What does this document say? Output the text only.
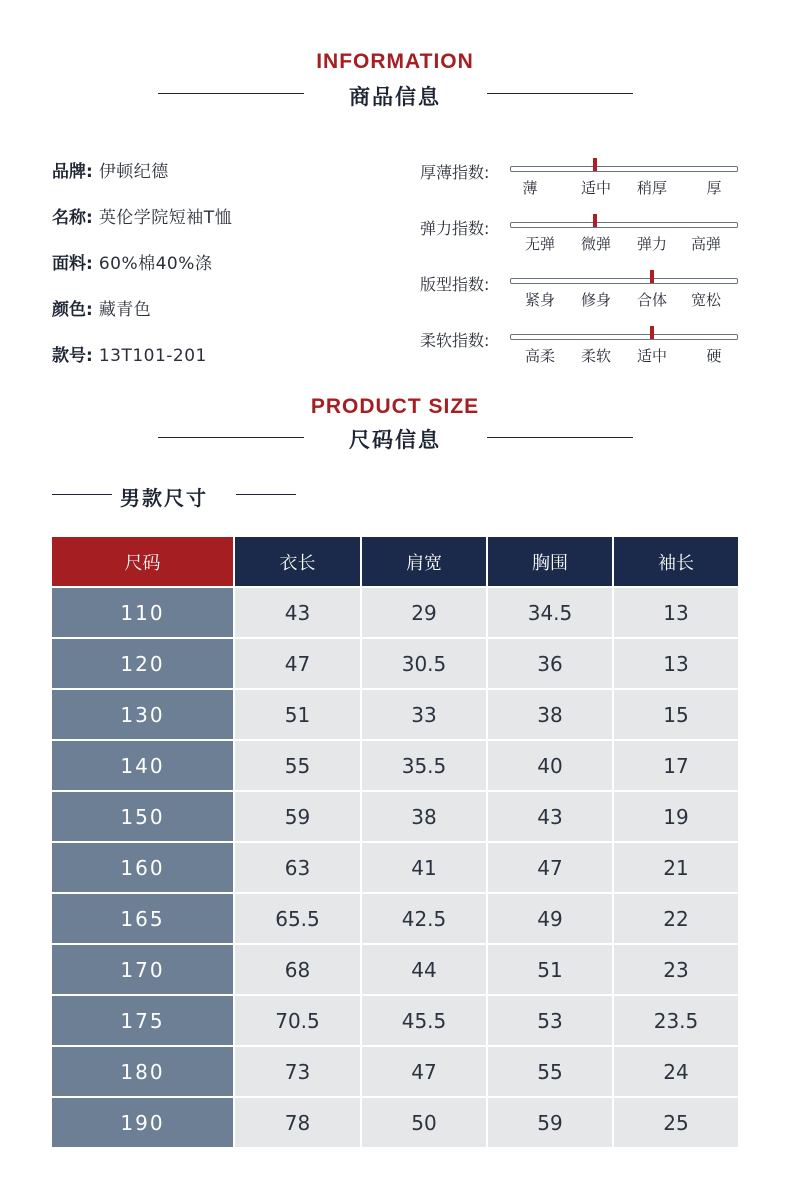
INFORMATION
商品信息
品牌: 伊顿纪德
名称: 英伦学院短袖T恤
面料: 60%棉40%涤
颜色: 藏青色
款号: 13T101-201
厚薄指数:
薄	适中	稍厚	厚
弹力指数:
无弹	微弹	弹力	高弹
版型指数:
紧身	修身	合体	宽松
柔软指数:
高柔	柔软	适中	硬
PRODUCT SIZE
尺码信息
男款尺寸
尺码	衣长	肩宽	胸围	袖长
110	43	29	34.5	13
120	47	30.5	36	13
130	51	33	38	15
140	55	35.5	40	17
150	59	38	43	19
160	63	41	47	21
165	65.5	42.5	49	22
170	68	44	51	23
175	70.5	45.5	53	23.5
180	73	47	55	24
190	78	50	59	25
